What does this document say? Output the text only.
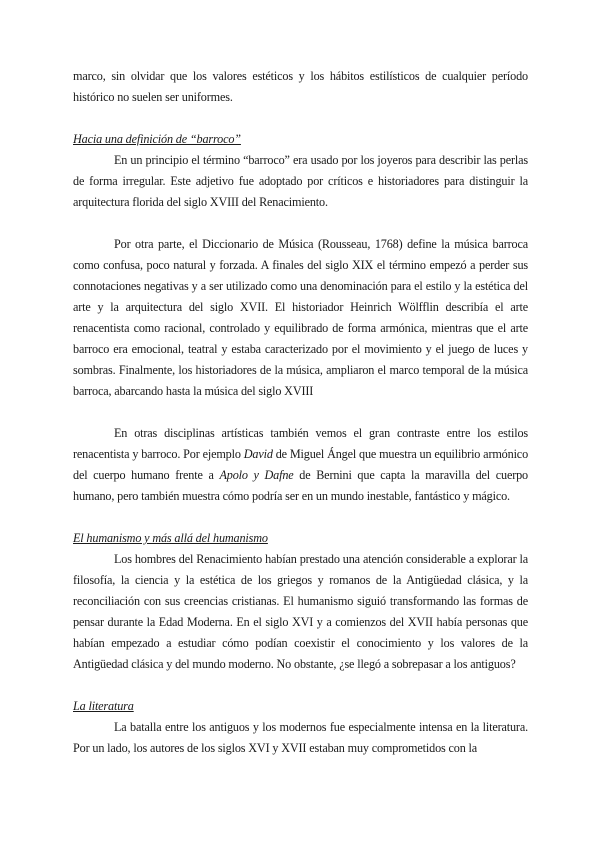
marco, sin olvidar que los valores estéticos y los hábitos estilísticos de cualquier período histórico no suelen ser uniformes.

Hacia una definición de “barroco”

En un principio el término “barroco” era usado por los joyeros para describir las perlas de forma irregular. Este adjetivo fue adoptado por críticos e historiadores para distinguir la arquitectura florida del siglo XVIII del Renacimiento.

Por otra parte, el Diccionario de Música (Rousseau, 1768) define la música barroca como confusa, poco natural y forzada. A finales del siglo XIX el término empezó a perder sus connotaciones negativas y a ser utilizado como una denominación para el estilo y la estética del arte y la arquitectura del siglo XVII. El historiador Heinrich Wölfflin describía el arte renacentista como racional, controlado y equilibrado de forma armónica, mientras que el arte barroco era emocional, teatral y estaba caracterizado por el movimiento y el juego de luces y sombras. Finalmente, los historiadores de la música, ampliaron el marco temporal de la música barroca, abarcando hasta la música del siglo XVIII

En otras disciplinas artísticas también vemos el gran contraste entre los estilos renacentista y barroco. Por ejemplo David de Miguel Ángel que muestra un equilibrio armónico del cuerpo humano frente a Apolo y Dafne de Bernini que capta la maravilla del cuerpo humano, pero también muestra cómo podría ser en un mundo inestable, fantástico y mágico.

El humanismo y más allá del humanismo

Los hombres del Renacimiento habían prestado una atención considerable a explorar la filosofía, la ciencia y la estética de los griegos y romanos de la Antigüedad clásica, y la reconciliación con sus creencias cristianas. El humanismo siguió transformando las formas de pensar durante la Edad Moderna. En el siglo XVI y a comienzos del XVII había personas que habían empezado a estudiar cómo podían coexistir el conocimiento y los valores de la Antigüedad clásica y del mundo moderno. No obstante, ¿se llegó a sobrepasar a los antiguos?

La literatura

La batalla entre los antiguos y los modernos fue especialmente intensa en la literatura. Por un lado, los autores de los siglos XVI y XVII estaban muy comprometidos con la
